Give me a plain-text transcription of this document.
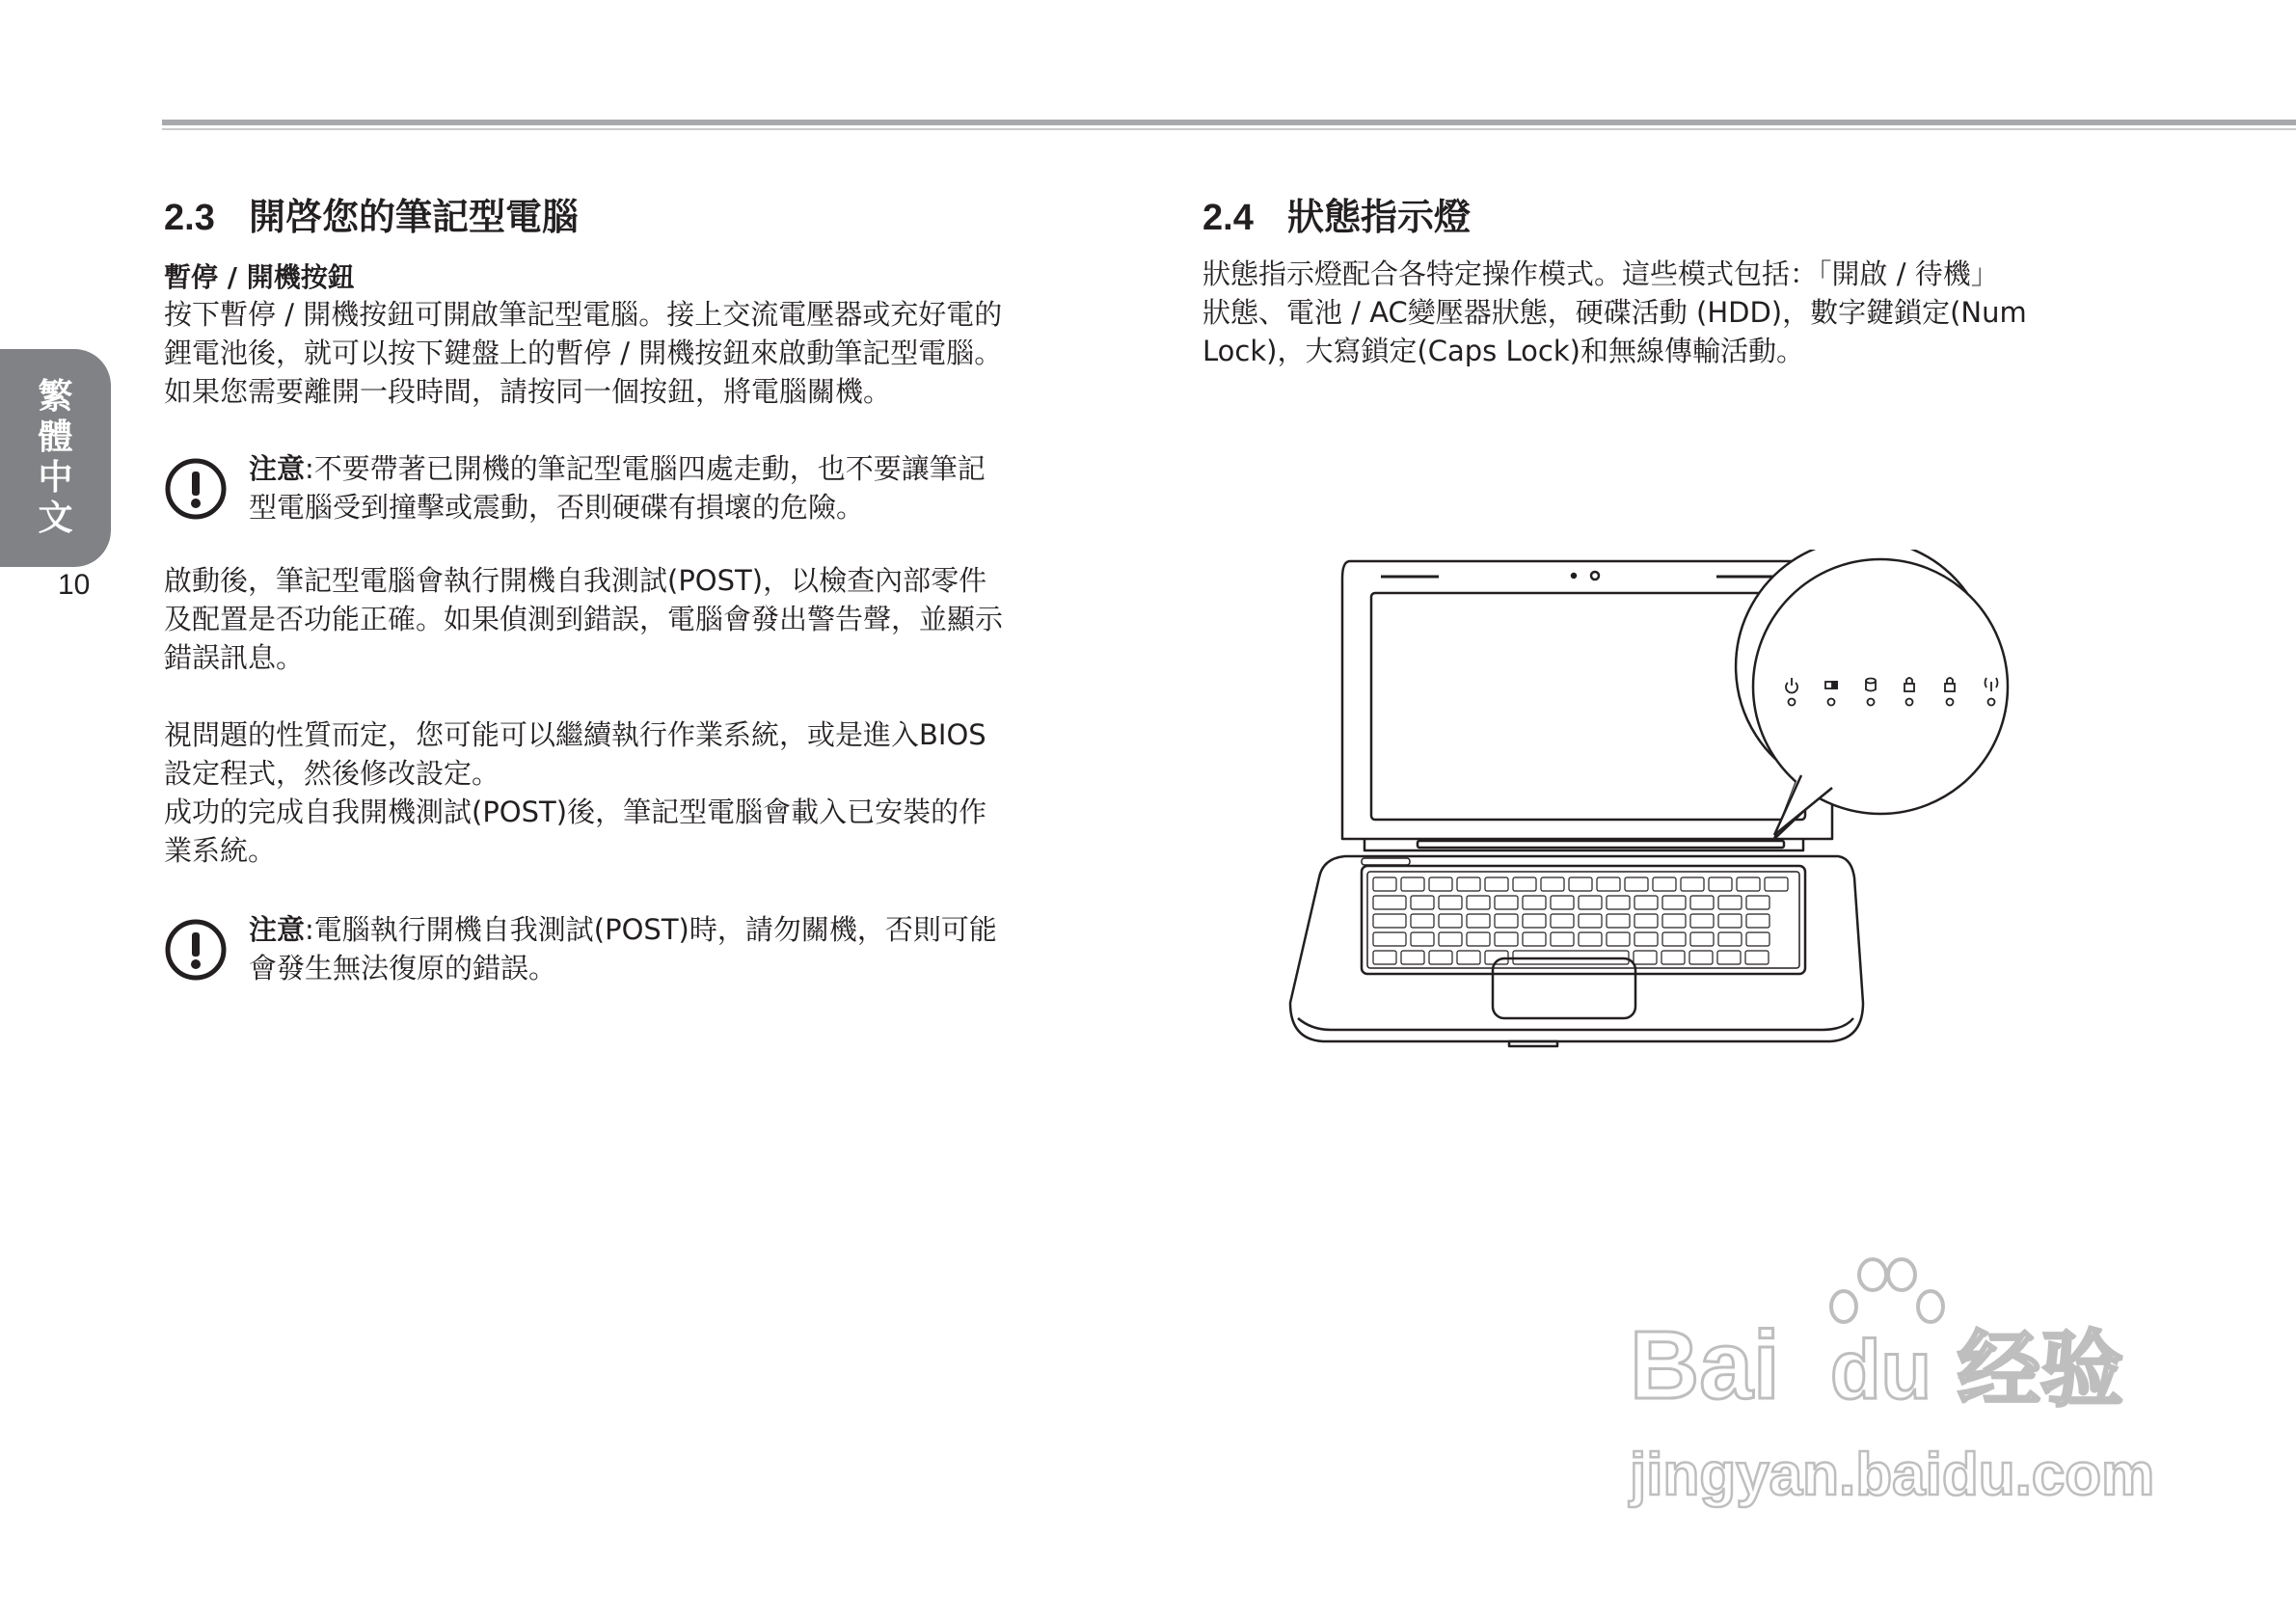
繁
體
中
文
10
2.3 開啓您的筆記型電腦
暫停 / 開機按鈕
按下暫停 / 開機按鈕可開啟筆記型電腦。接上交流電壓器或充好電的
鋰電池後，就可以按下鍵盤上的暫停 / 開機按鈕來啟動筆記型電腦。
如果您需要離開一段時間，請按同一個按鈕，將電腦關機。
注意:不要帶著已開機的筆記型電腦四處走動，也不要讓筆記
型電腦受到撞擊或震動，否則硬碟有損壞的危險。
啟動後，筆記型電腦會執行開機自我測試(POST)，以檢查內部零件
及配置是否功能正確。如果偵測到錯誤，電腦會發出警告聲，並顯示
錯誤訊息。
視問題的性質而定，您可能可以繼續執行作業系統，或是進入BIOS
設定程式，然後修改設定。
成功的完成自我開機測試(POST)後，筆記型電腦會載入已安裝的作
業系統。
注意:電腦執行開機自我測試(POST)時，請勿關機，否則可能
會發生無法復原的錯誤。
2.4 狀態指示燈
狀態指示燈配合各特定操作模式。這些模式包括：「開啟 / 待機」
狀態、電池 / AC變壓器狀態，硬碟活動 (HDD)，數字鍵鎖定(Num
Lock)，大寫鎖定(Caps Lock)和無線傳輸活動。
Bai du 经验
jingyan.baidu.com
